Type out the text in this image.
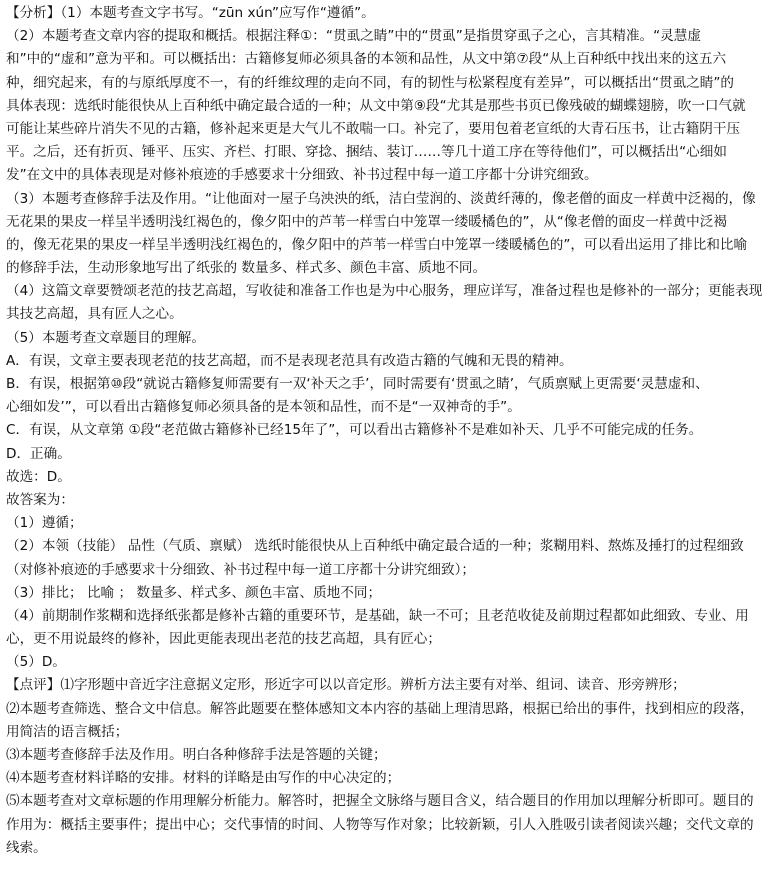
【分析】（1）本题考查文字书写。“zūn xún”应写作“遵循”。
（2）本题考查文章内容的提取和概括。根据注释①：“贯虱之睛”中的“贯虱”是指贯穿虱子之心，言其精准。“灵慧虚
和”中的“虚和”意为平和。可以概括出：古籍修复师必须具备的本领和品性，从文中第⑦段“从上百种纸中找出来的这五六
种，细究起来，有的与原纸厚度不一，有的纤维纹理的走向不同，有的韧性与松紧程度有差异”，可以概括出“贯虱之睛”的
具体表现：选纸时能很快从上百种纸中确定最合适的一种；从文中第⑨段“尤其是那些书页已像残破的蝴蝶翅膀，吹一口气就
可能让某些碎片消失不见的古籍，修补起来更是大气儿不敢喘一口。补完了，要用包着老宣纸的大青石压书，让古籍阴干压
平。之后，还有折页、锤平、压实、齐栏、打眼、穿捻、捆结、装订……等几十道工序在等待他们”，可以概括出“心细如
发”在文中的具体表现是对修补痕迹的手感要求十分细致、补书过程中每一道工序都十分讲究细致。
（3）本题考查修辞手法及作用。“让他面对一屋子乌泱泱的纸，洁白莹润的、淡黄纤薄的，像老僧的面皮一样黄中泛褐的，像
无花果的果皮一样呈半透明浅红褐色的，像夕阳中的芦苇一样雪白中笼罩一缕暖橘色的”，从“像老僧的面皮一样黄中泛褐
的，像无花果的果皮一样呈半透明浅红褐色的，像夕阳中的芦苇一样雪白中笼罩一缕暖橘色的”，可以看出运用了排比和比喻
的修辞手法，生动形象地写出了纸张的 数量多、样式多、颜色丰富、质地不同。
（4）这篇文章要赞颂老范的技艺高超，写收徒和准备工作也是为中心服务，理应详写，准备过程也是修补的一部分；更能表现
其技艺高超，具有匠人之心。
（5）本题考查文章题目的理解。
A．有误，文章主要表现老范的技艺高超，而不是表现老范具有改造古籍的气魄和无畏的精神。
B．有误，根据第⑩段“就说古籍修复师需要有一双‘补天之手’，同时需要有‘贯虱之睛’，气质禀赋上更需要‘灵慧虚和、
心细如发’”，可以看出古籍修复师必须具备的是本领和品性，而不是“一双神奇的手”。
C．有误，从文章第 ①段“老范做古籍修补已经15年了”，可以看出古籍修补不是难如补天、几乎不可能完成的任务。
D．正确。
故选：D。
故答案为：
（1）遵循；
（2）本领（技能） 品性（气质、禀赋） 选纸时能很快从上百种纸中确定最合适的一种；浆糊用料、熬炼及捶打的过程细致
（对修补痕迹的手感要求十分细致、补书过程中每一道工序都十分讲究细致）；
（3）排比； 比喻 ； 数量多、样式多、颜色丰富、质地不同；
（4）前期制作浆糊和选择纸张都是修补古籍的重要环节，是基础，缺一不可；且老范收徒及前期过程都如此细致、专业、用
心，更不用说最终的修补，因此更能表现出老范的技艺高超，具有匠心；
（5）D。
【点评】⑴字形题中音近字注意据义定形，形近字可以以音定形。辨析方法主要有对举、组词、读音、形旁辨形；
⑵本题考查筛选、整合文中信息。解答此题要在整体感知文本内容的基础上理清思路，根据已给出的事件，找到相应的段落，
用简洁的语言概括；
⑶本题考查修辞手法及作用。明白各种修辞手法是答题的关键；
⑷本题考查材料详略的安排。材料的详略是由写作的中心决定的；
⑸本题考查对文章标题的作用理解分析能力。解答时，把握全文脉络与题目含义，结合题目的作用加以理解分析即可。题目的
作用为：概括主要事件；提出中心；交代事情的时间、人物等写作对象；比较新颖，引人入胜吸引读者阅读兴趣；交代文章的
线索。
